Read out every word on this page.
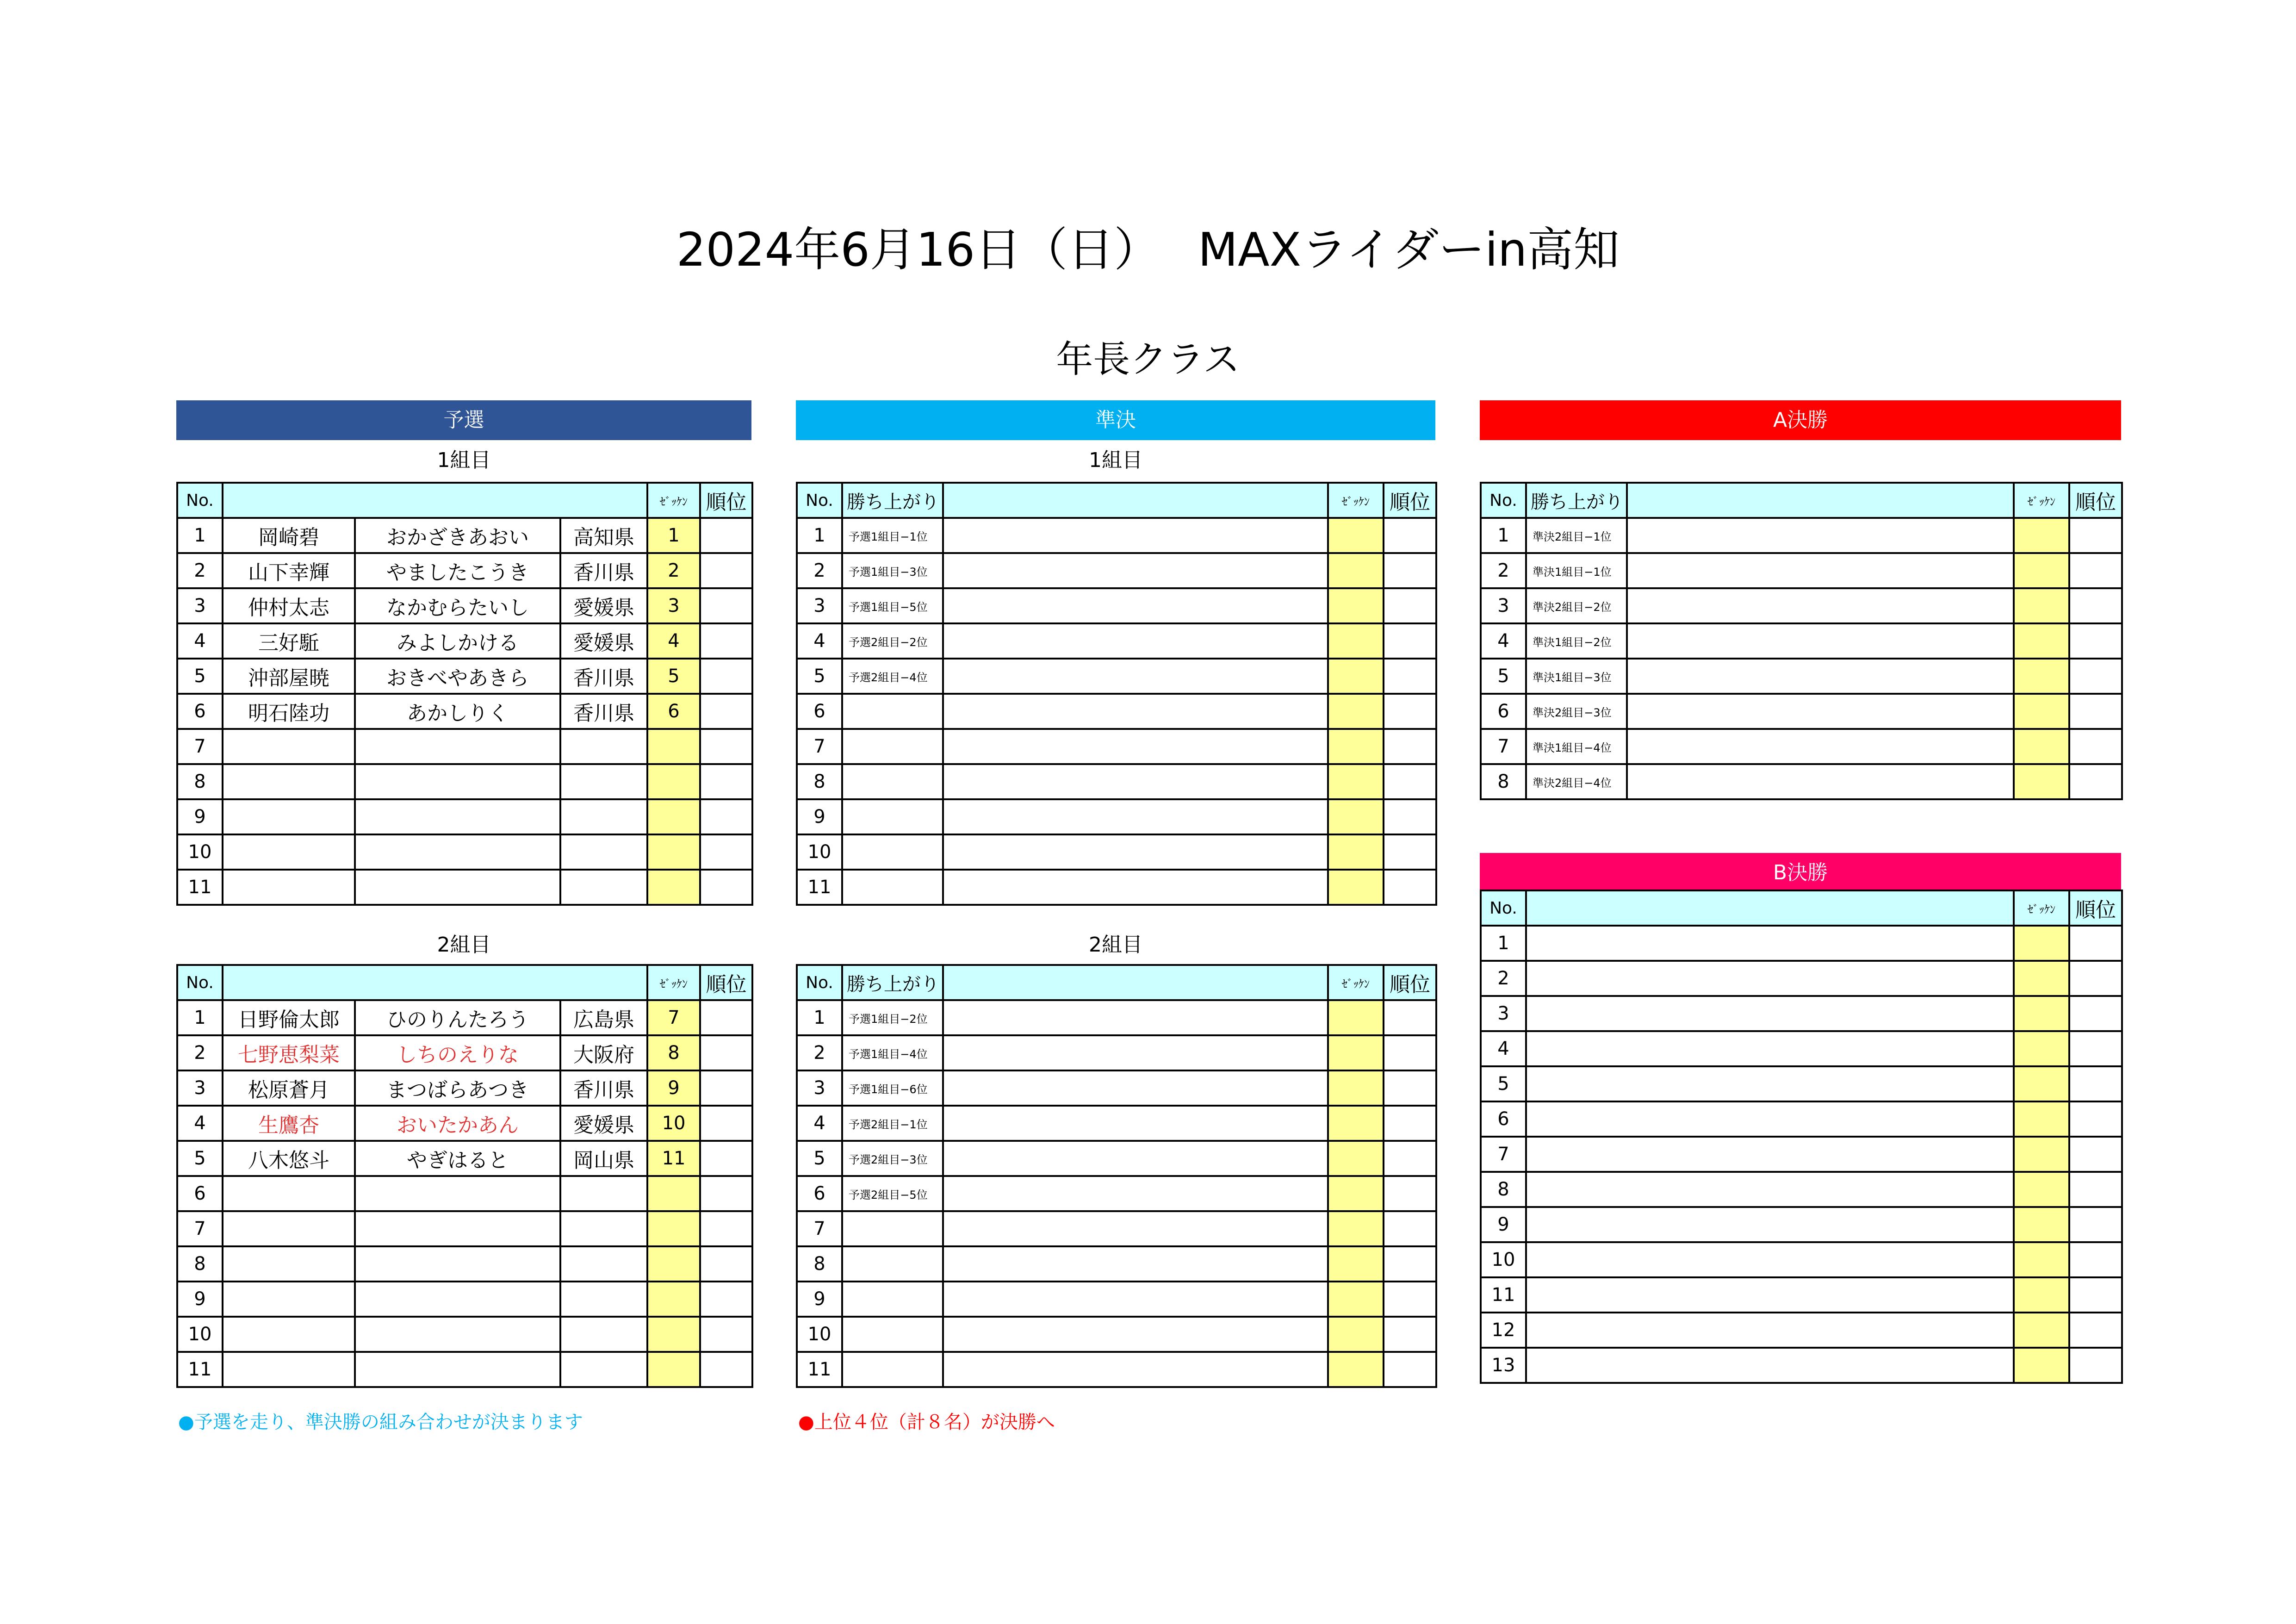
2024年6月16日（日）　 MAXライダーin高知
年長クラス
予選	準決	A決勝
B決勝
1組目	1組目
2組目	2組目
No.				ｾﾞｯｹﾝ	順位
1	岡崎碧	おかざきあおい	高知県	1	
2	山下幸輝	やましたこうき	香川県	2	
3	仲村太志	なかむらたいし	愛媛県	3	
4	三好駈	みよしかける	愛媛県	4	
5	沖部屋暁	おきべやあきら	香川県	5	
6	明石陸功	あかしりく	香川県	6	
7					
8					
9					
10					
11					
No.				ｾﾞｯｹﾝ	順位
1	日野倫太郎	ひのりんたろう	広島県	7	
2	七野恵梨菜	しちのえりな	大阪府	8	
3	松原蒼月	まつばらあつき	香川県	9	
4	生鷹杏	おいたかあん	愛媛県	10	
5	八木悠斗	やぎはると	岡山県	11	
6					
7					
8					
9					
10					
11					
No.	勝ち上がり		ｾﾞｯｹﾝ	順位
1	予選1組目−1位			
2	予選1組目−3位			
3	予選1組目−5位			
4	予選2組目−2位			
5	予選2組目−4位			
6				
7				
8				
9				
10				
11				
No.	勝ち上がり		ｾﾞｯｹﾝ	順位
1	予選1組目−2位			
2	予選1組目−4位			
3	予選1組目−6位			
4	予選2組目−1位			
5	予選2組目−3位			
6	予選2組目−5位			
7				
8				
9				
10				
11				
No.	勝ち上がり		ｾﾞｯｹﾝ	順位
1	準決2組目−1位			
2	準決1組目−1位			
3	準決2組目−2位			
4	準決1組目−2位			
5	準決1組目−3位			
6	準決2組目−3位			
7	準決1組目−4位			
8	準決2組目−4位			
No.		ｾﾞｯｹﾝ	順位
1			
2			
3			
4			
5			
6			
7			
8			
9			
10			
11			
12			
13			
●予選を走り、準決勝の組み合わせが決まります	●上位４位（計８名）が決勝へ
